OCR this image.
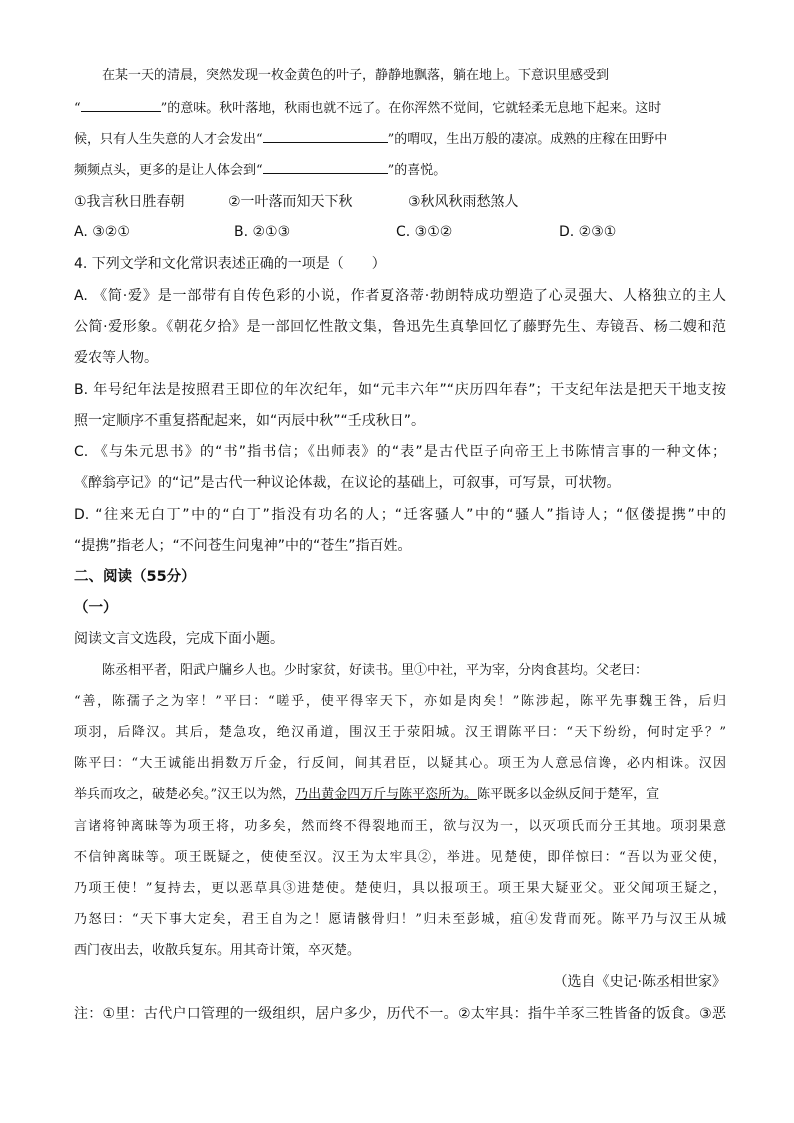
在某一天的清晨，突然发现一枚金黄色的叶子，静静地飘落，躺在地上。下意识里感受到
“	”的意味。秋叶落地，秋雨也就不远了。在你浑然不觉间，它就轻柔无息地下起来。这时
候，只有人生失意的人才会发出“	”的喟叹，生出万般的凄凉。成熟的庄稼在田野中
频频点头，更多的是让人体会到“	”的喜悦。
①我言秋日胜春朝	②一叶落而知天下秋	③秋风秋雨愁煞人
A. ③②①	B. ②①③	C. ③①②	D. ②③①
4. 下列文学和文化常识表述正确的一项是（　　）
A. 《简·爱》是一部带有自传色彩的小说，作者夏洛蒂·勃朗特成功塑造了心灵强大、人格独立的主人
公简·爱形象。《朝花夕拾》是一部回忆性散文集，鲁迅先生真挚回忆了藤野先生、寿镜吾、杨二嫂和范
爱农等人物。
B. 年号纪年法是按照君王即位的年次纪年，如“元丰六年”“庆历四年春”；干支纪年法是把天干地支按
照一定顺序不重复搭配起来，如“丙辰中秋”“壬戌秋日”。
C. 《与朱元思书》的“书”指书信；《出师表》的“表”是古代臣子向帝王上书陈情言事的一种文体；
《醉翁亭记》的“记”是古代一种议论体裁，在议论的基础上，可叙事，可写景，可状物。
D. “往来无白丁”中的“白丁”指没有功名的人；“迁客骚人”中的“骚人”指诗人；“伛偻提携”中的
“提携”指老人；“不问苍生问鬼神”中的“苍生”指百姓。
二、阅读（55分）
（一）
阅读文言文选段，完成下面小题。
陈丞相平者，阳武户牖乡人也。少时家贫，好读书。里①中社，平为宰，分肉食甚均。父老曰：
“善，陈孺子之为宰！”平曰：“嗟乎，使平得宰天下，亦如是肉矣！”陈涉起，陈平先事魏王咎，后归
项羽，后降汉。其后，楚急攻，绝汉甬道，围汉王于荥阳城。汉王谓陈平曰：“天下纷纷，何时定乎？”
陈平曰：“大王诚能出捐数万斤金，行反间，间其君臣，以疑其心。项王为人意忌信谗，必内相诛。汉因
举兵而攻之，破楚必矣。”汉王以为然，乃出黄金四万斤与陈平恣所为。陈平既多以金纵反间于楚军，宣
言诸将钟离昧等为项王将，功多矣，然而终不得裂地而王，欲与汉为一，以灭项氏而分王其地。项羽果意
不信钟离昧等。项王既疑之，使使至汉。汉王为太牢具②，举进。见楚使，即佯惊曰：“吾以为亚父使，
乃项王使！”复持去，更以恶草具③进楚使。楚使归，具以报项王。项王果大疑亚父。亚父闻项王疑之，
乃怒曰：“天下事大定矣，君王自为之！愿请骸骨归！”归未至彭城，疽④发背而死。陈平乃与汉王从城
西门夜出去，收散兵复东。用其奇计策，卒灭楚。
（选自《史记·陈丞相世家》
注：①里：古代户口管理的一级组织，居户多少，历代不一。②太牢具：指牛羊豕三牲皆备的饭食。③恶
